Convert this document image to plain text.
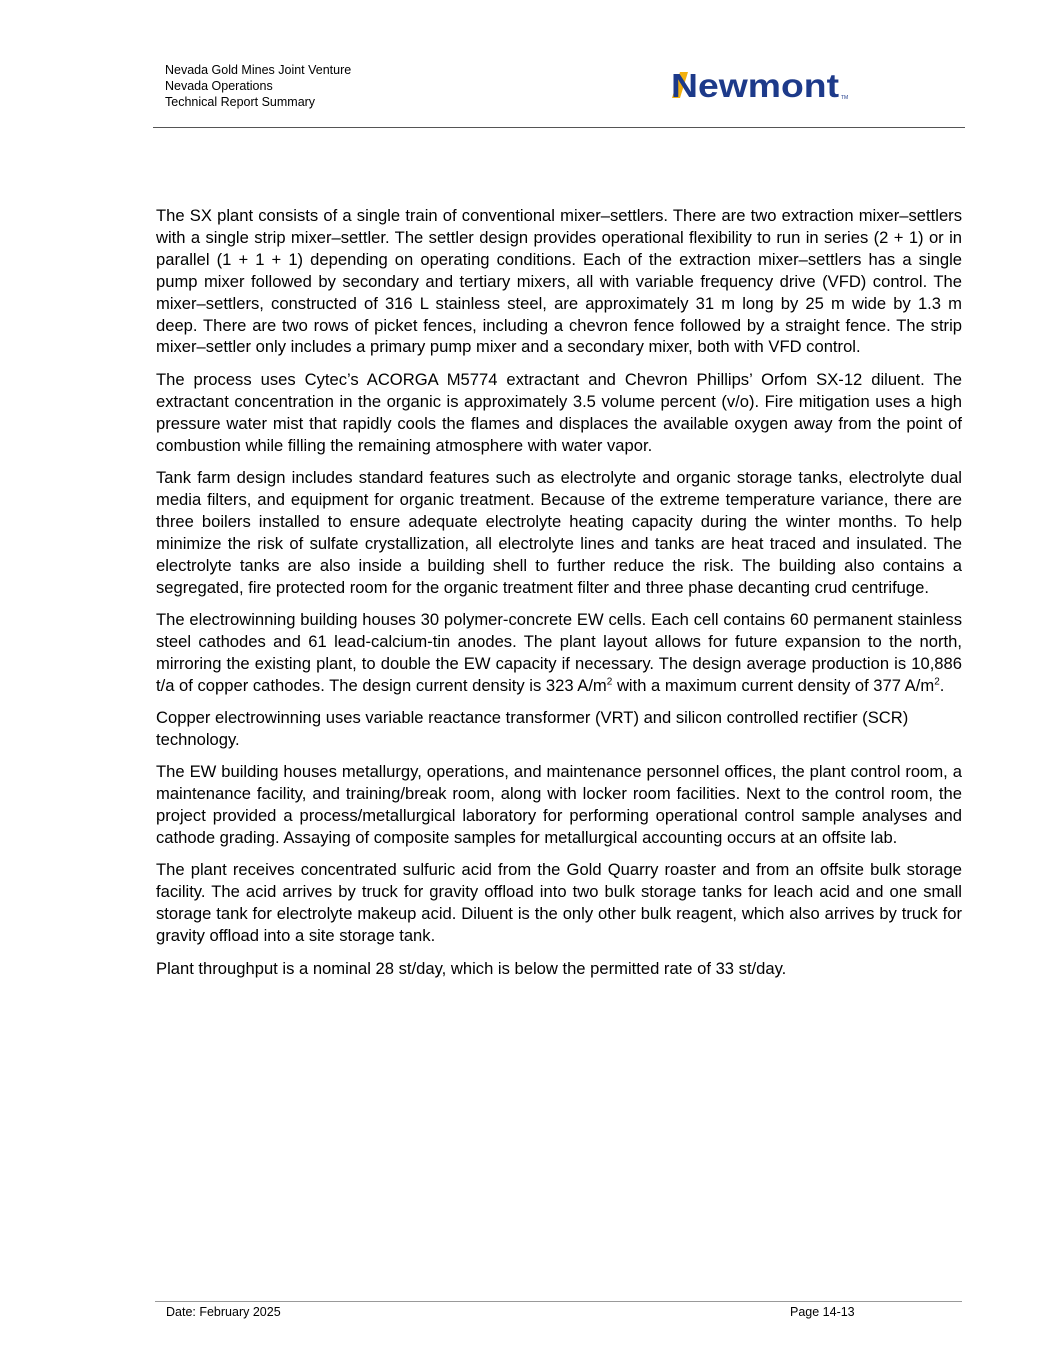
Nevada Gold Mines Joint Venture
Nevada Operations
Technical Report Summary	Newmont TM

The SX plant consists of a single train of conventional mixer–settlers. There are two extraction mixer–settlers with a single strip mixer–settler. The settler design provides operational flexibility to run in series (2 + 1) or in parallel (1 + 1 + 1) depending on operating conditions. Each of the extraction mixer–settlers has a single pump mixer followed by secondary and tertiary mixers, all with variable frequency drive (VFD) control. The mixer–settlers, constructed of 316 L stainless steel, are approximately 31 m long by 25 m wide by 1.3 m deep. There are two rows of picket fences, including a chevron fence followed by a straight fence. The strip mixer–settler only includes a primary pump mixer and a secondary mixer, both with VFD control.

The process uses Cytec’s ACORGA M5774 extractant and Chevron Phillips’ Orfom SX-12 diluent. The extractant concentration in the organic is approximately 3.5 volume percent (v/o). Fire mitigation uses a high pressure water mist that rapidly cools the flames and displaces the available oxygen away from the point of combustion while filling the remaining atmosphere with water vapor.

Tank farm design includes standard features such as electrolyte and organic storage tanks, electrolyte dual media filters, and equipment for organic treatment. Because of the extreme temperature variance, there are three boilers installed to ensure adequate electrolyte heating capacity during the winter months. To help minimize the risk of sulfate crystallization, all electrolyte lines and tanks are heat traced and insulated. The electrolyte tanks are also inside a building shell to further reduce the risk. The building also contains a segregated, fire protected room for the organic treatment filter and three phase decanting crud centrifuge.

The electrowinning building houses 30 polymer-concrete EW cells. Each cell contains 60 permanent stainless steel cathodes and 61 lead-calcium-tin anodes. The plant layout allows for future expansion to the north, mirroring the existing plant, to double the EW capacity if necessary. The design average production is 10,886 t/a of copper cathodes. The design current density is 323 $A/m^2$ with a maximum current density of 377 $A/m^2$.

Copper electrowinning uses variable reactance transformer (VRT) and silicon controlled rectifier (SCR) technology.

The EW building houses metallurgy, operations, and maintenance personnel offices, the plant control room, a maintenance facility, and training/break room, along with locker room facilities. Next to the control room, the project provided a process/metallurgical laboratory for performing operational control sample analyses and cathode grading. Assaying of composite samples for metallurgical accounting occurs at an offsite lab.

The plant receives concentrated sulfuric acid from the Gold Quarry roaster and from an offsite bulk storage facility. The acid arrives by truck for gravity offload into two bulk storage tanks for leach acid and one small storage tank for electrolyte makeup acid. Diluent is the only other bulk reagent, which also arrives by truck for gravity offload into a site storage tank.

Plant throughput is a nominal 28 st/day, which is below the permitted rate of 33 st/day.

Date: February 2025	Page 14-13
